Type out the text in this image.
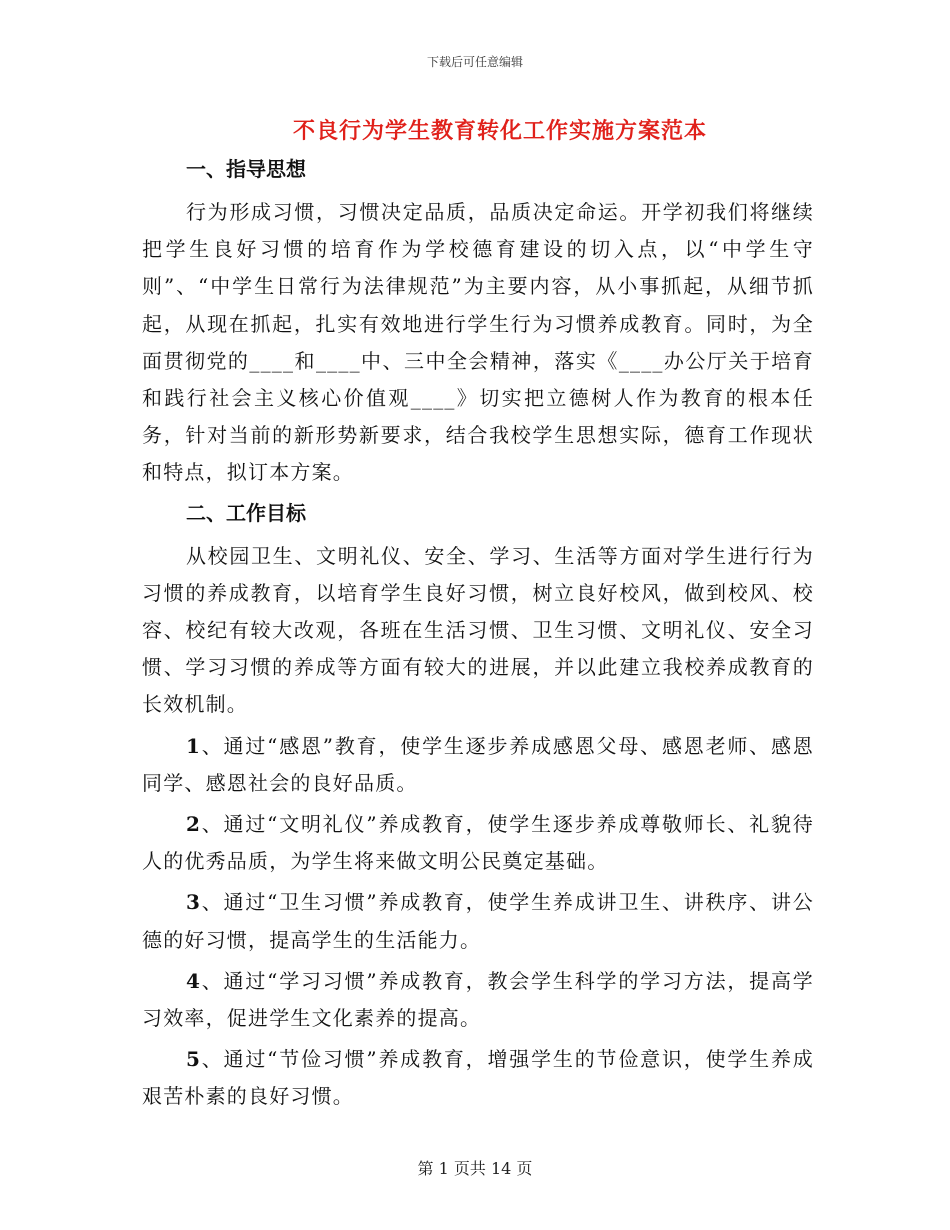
下载后可任意编辑
不良行为学生教育转化工作实施方案范本
一、指导思想

行为形成习惯，习惯决定品质，品质决定命运。开学初我们将继续把学生良好习惯的培育作为学校德育建设的切入点，以“中学生守则”、“中学生日常行为法律规范”为主要内容，从小事抓起，从细节抓起，从现在抓起，扎实有效地进行学生行为习惯养成教育。同时，为全面贯彻党的____和____中、三中全会精神，落实《____办公厅关于培育和践行社会主义核心价值观____》切实把立德树人作为教育的根本任务，针对当前的新形势新要求，结合我校学生思想实际，德育工作现状和特点，拟订本方案。

二、工作目标

从校园卫生、文明礼仪、安全、学习、生活等方面对学生进行行为习惯的养成教育，以培育学生良好习惯，树立良好校风，做到校风、校容、校纪有较大改观，各班在生活习惯、卫生习惯、文明礼仪、安全习惯、学习习惯的养成等方面有较大的进展，并以此建立我校养成教育的长效机制。

1、通过“感恩”教育，使学生逐步养成感恩父母、感恩老师、感恩同学、感恩社会的良好品质。

2、通过“文明礼仪”养成教育，使学生逐步养成尊敬师长、礼貌待人的优秀品质，为学生将来做文明公民奠定基础。

3、通过“卫生习惯”养成教育，使学生养成讲卫生、讲秩序、讲公德的好习惯，提高学生的生活能力。

4、通过“学习习惯”养成教育，教会学生科学的学习方法，提高学习效率，促进学生文化素养的提高。

5、通过“节俭习惯”养成教育，增强学生的节俭意识，使学生养成艰苦朴素的良好习惯。

第 1 页共 14 页
